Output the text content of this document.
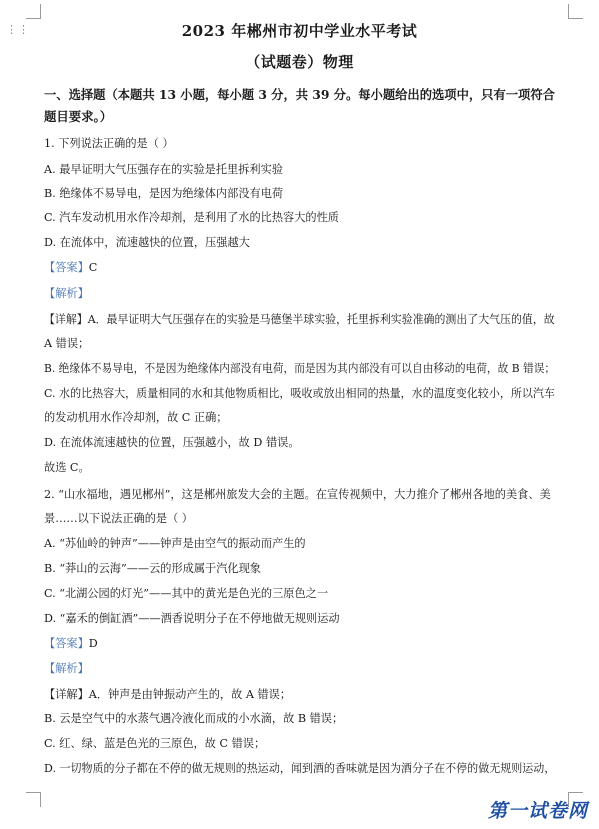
⋮⋮	2023 年郴州市初中学业水平考试
（试题卷）物理
一、选择题（本题共 13 小题，每小题 3 分，共 39 分。每小题给出的选项中，只有一项符合
题目要求。）
1. 下列说法正确的是（ ）
A. 最早证明大气压强存在的实验是托里拆利实验
B. 绝缘体不易导电，是因为绝缘体内部没有电荷
C. 汽车发动机用水作冷却剂，是利用了水的比热容大的性质
D. 在流体中，流速越快的位置，压强越大
【答案】C
【解析】
【详解】A．最早证明大气压强存在的实验是马德堡半球实验，托里拆利实验准确的测出了大气压的值，故
A 错误；
B. 绝缘体不易导电，不是因为绝缘体内部没有电荷，而是因为其内部没有可以自由移动的电荷，故 B 错误；
C. 水的比热容大，质量相同的水和其他物质相比，吸收或放出相同的热量，水的温度变化较小，所以汽车
的发动机用水作冷却剂，故 C 正确；
D. 在流体流速越快的位置，压强越小，故 D 错误。
故选 C。
2. “山水福地，遇见郴州”，这是郴州旅发大会的主题。在宣传视频中，大力推介了郴州各地的美食、美
景……以下说法正确的是（ ）
A. “苏仙岭的钟声”——钟声是由空气的振动而产生的
B. “莽山的云海”——云的形成属于汽化现象
C. “北湖公园的灯光”——其中的黄光是色光的三原色之一
D. “嘉禾的倒缸酒”——酒香说明分子在不停地做无规则运动
【答案】D
【解析】
【详解】A．钟声是由钟振动产生的，故 A 错误；
B. 云是空气中的水蒸气遇冷液化而成的小水滴，故 B 错误；
C. 红、绿、蓝是色光的三原色，故 C 错误；
D. 一切物质的分子都在不停的做无规则的热运动，闻到酒的香味就是因为酒分子在不停的做无规则运动，
第一试卷网
